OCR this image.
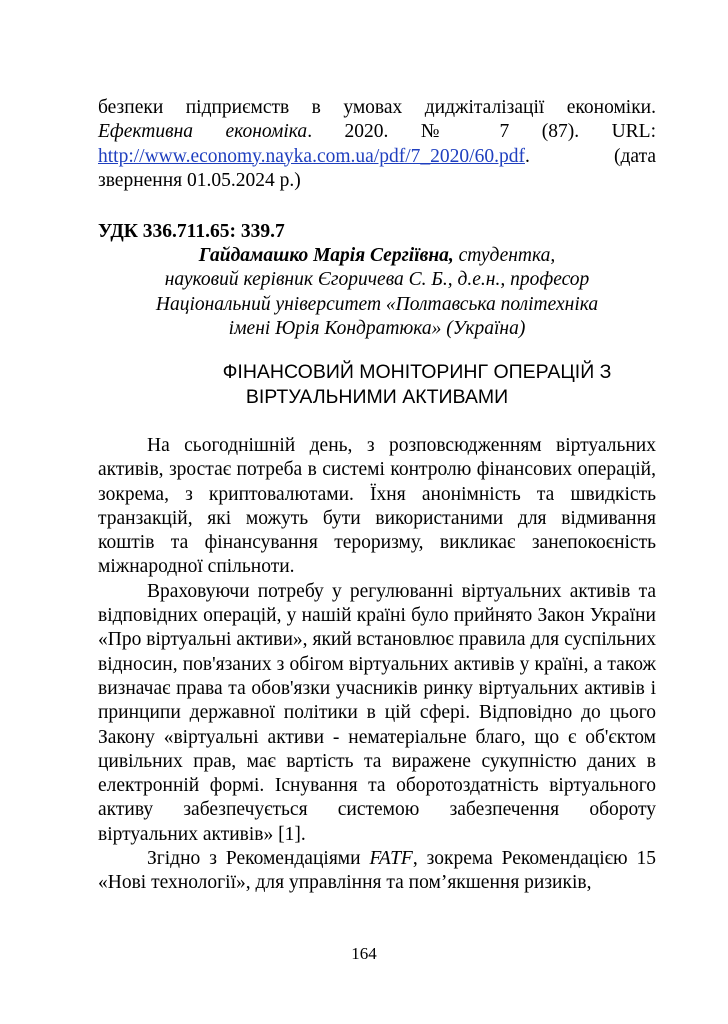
безпеки підприємств в умовах диджіталізації економіки. Ефективна економіка. 2020. № 7 (87). URL: http://www.economy.nayka.com.ua/pdf/7_2020/60.pdf. (дата звернення 01.05.2024 р.)

УДК 336.711.65: 339.7
Гайдамашко Марія Сергіївна, студентка,
науковий керівник Єгоричева С. Б., д.е.н., професор
Національний університет «Полтавська політехніка
імені Юрія Кондратюка» (Україна)
ФІНАНСОВИЙ МОНІТОРИНГ ОПЕРАЦІЙ З
ВІРТУАЛЬНИМИ АКТИВАМИ

На сьогоднішній день, з розповсюдженням віртуальних активів, зростає потреба в системі контролю фінансових операцій, зокрема, з криптовалютами. Їхня анонімність та швидкість транзакцій, які можуть бути використаними для відмивання коштів та фінансування тероризму, викликає занепокоєність міжнародної спільноти.

Враховуючи потребу у регулюванні віртуальних активів та відповідних операцій, у нашій країні було прийнято Закон України «Про віртуальні активи», який встановлює правила для суспільних відносин, пов'язаних з обігом віртуальних активів у країні, а також визначає права та обов'язки учасників ринку віртуальних активів і принципи державної політики в цій сфері. Відповідно до цього Закону «віртуальні активи - нематеріальне благо, що є об'єктом цивільних прав, має вартість та виражене сукупністю даних в електронній формі. Існування та оборотоздатність віртуального активу забезпечується системою забезпечення обороту віртуальних активів» [1].

Згідно з Рекомендаціями FATF, зокрема Рекомендацією 15 «Нові технології», для управління та пом’якшення ризиків,

164
